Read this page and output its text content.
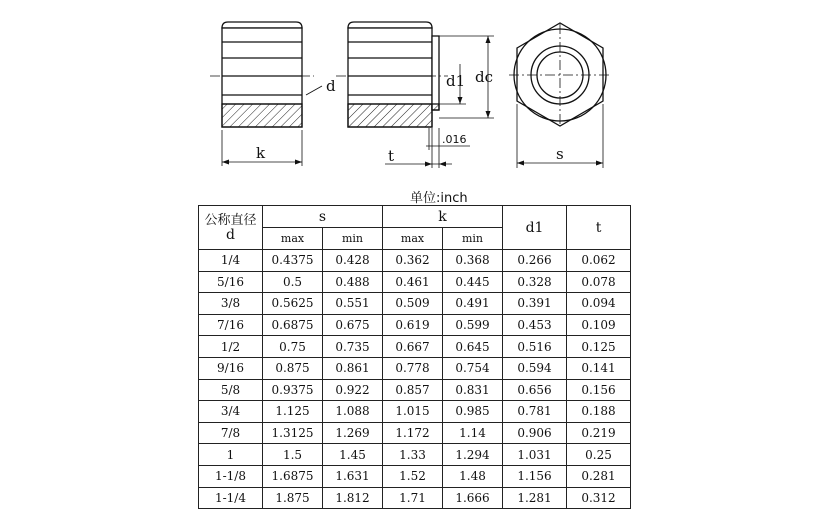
d
k
d1 dc
t
.016
s
单位:inch
公称直径
d	s		k		d1	t
	max	min	max	min		
1/4	0.4375	0.428	0.362	0.368	0.266	0.062
5/16	0.5	0.488	0.461	0.445	0.328	0.078
3/8	0.5625	0.551	0.509	0.491	0.391	0.094
7/16	0.6875	0.675	0.619	0.599	0.453	0.109
1/2	0.75	0.735	0.667	0.645	0.516	0.125
9/16	0.875	0.861	0.778	0.754	0.594	0.141
5/8	0.9375	0.922	0.857	0.831	0.656	0.156
3/4	1.125	1.088	1.015	0.985	0.781	0.188
7/8	1.3125	1.269	1.172	1.14	0.906	0.219
1	1.5	1.45	1.33	1.294	1.031	0.25
1-1/8	1.6875	1.631	1.52	1.48	1.156	0.281
1-1/4	1.875	1.812	1.71	1.666	1.281	0.312
